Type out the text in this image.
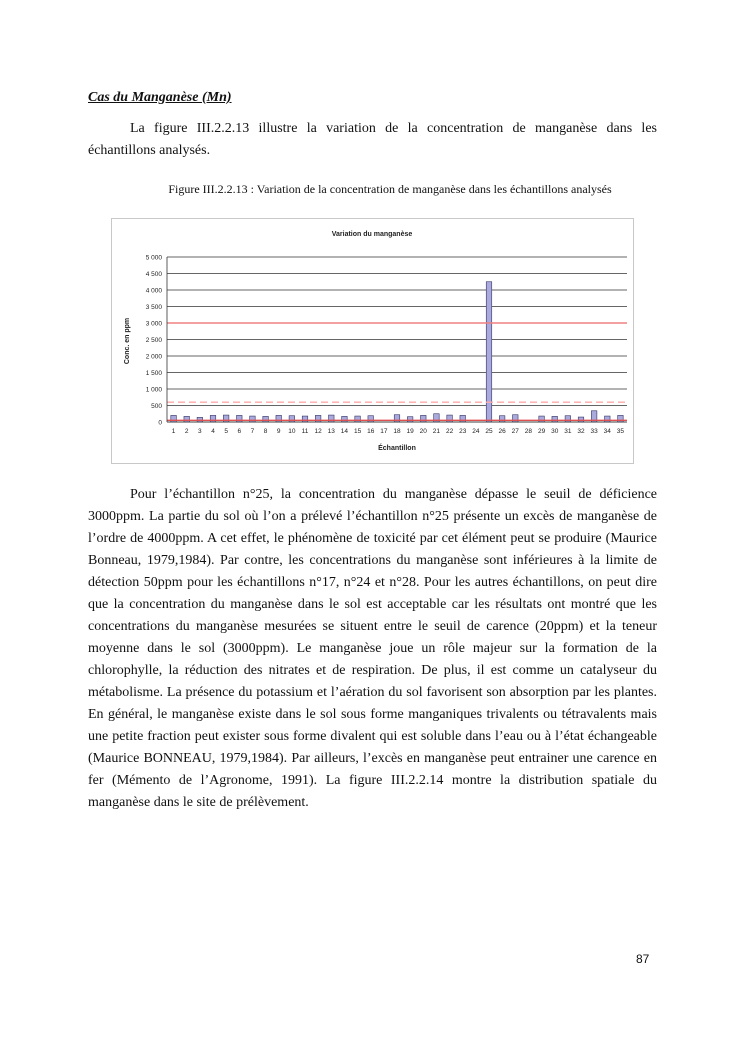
Cas du Manganèse (Mn)

La figure III.2.2.13 illustre la variation de la concentration de manganèse dans les échantillons analysés.

Figure III.2.2.13 : Variation de la concentration de manganèse dans les échantillons analysés
Variation du manganèse
Conc. en ppm
Échantillon
0
500
1 000
1 500
2 000
2 500
3 000
3 500
4 000
4 500
5 000
1 2 3 4 5 6 7 8 9 10 11 12 13 14 15 16 17 18 19 20 21 22 23 24 25 26 27 28 29 30 31 32 33 34 35

Pour l’échantillon n°25, la concentration du manganèse dépasse le seuil de déficience 3000ppm. La partie du sol où l’on a prélevé l’échantillon n°25 présente un excès de manganèse de l’ordre de 4000ppm. A cet effet, le phénomène de toxicité par cet élément peut se produire (Maurice Bonneau, 1979,1984). Par contre, les concentrations du manganèse sont inférieures à la limite de détection 50ppm pour les échantillons n°17, n°24 et n°28. Pour les autres échantillons, on peut dire que la concentration du manganèse dans le sol est acceptable car les résultats ont montré que les concentrations du manganèse mesurées se situent entre le seuil de carence (20ppm) et la teneur moyenne dans le sol (3000ppm). Le manganèse joue un rôle majeur sur la formation de la chlorophylle, la réduction des nitrates et de respiration. De plus, il est comme un catalyseur du métabolisme. La présence du potassium et l’aération du sol favorisent son absorption par les plantes. En général, le manganèse existe dans le sol sous forme manganiques trivalents ou tétravalents mais une petite fraction peut exister sous forme divalent qui est soluble dans l’eau ou à l’état échangeable (Maurice BONNEAU, 1979,1984). Par ailleurs, l’excès en manganèse peut entrainer une carence en fer (Mémento de l’Agronome, 1991). La figure III.2.2.14 montre la distribution spatiale du manganèse dans le site de prélèvement.

87
